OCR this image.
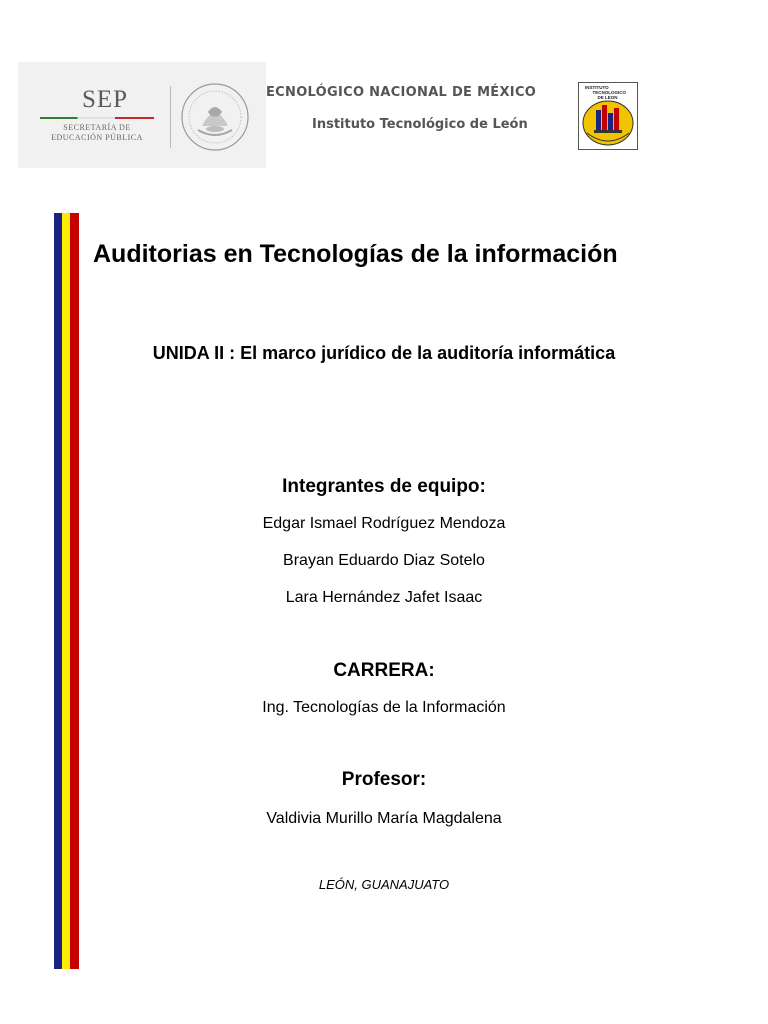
SEP
SECRETARÍA DE
EDUCACIÓN PÚBLICA
ECNOLÓGICO NACIONAL DE MÉXICO
Instituto Tecnológico de León
INSTITUTO
TECNOLOGICO
DE LEON
Auditorias en Tecnologías de la información
UNIDA II : El marco jurídico de la auditoría informática
Integrantes de equipo:
Edgar Ismael Rodríguez Mendoza
Brayan Eduardo Diaz Sotelo
Lara Hernández Jafet Isaac
CARRERA:
Ing. Tecnologías de la Información
Profesor:
Valdivia Murillo María Magdalena
LEÓN, GUANAJUATO
